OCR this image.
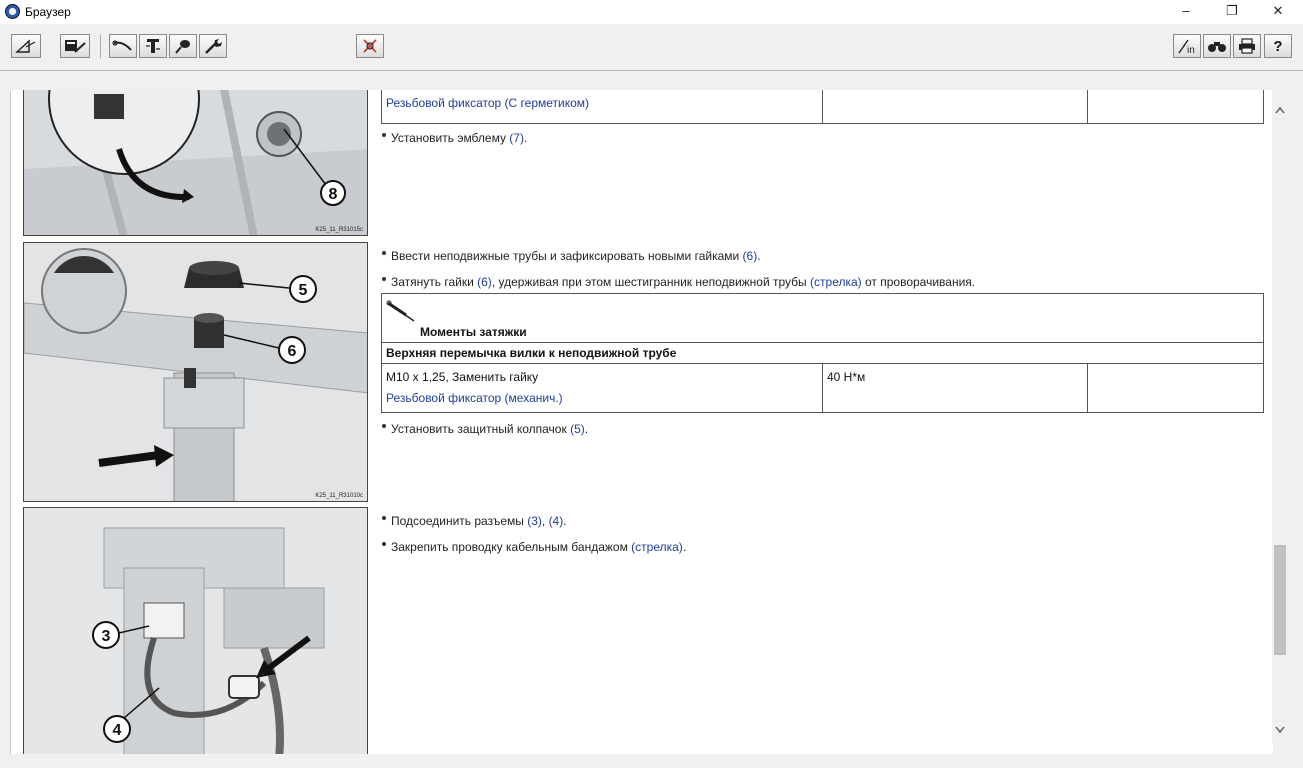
Браузер	–	❐	✕
in	?
Резьбовой фиксатор (С герметиком)		
8
K25_11_R31015c
Установить эмблему (7).
5
6
K25_11_R31010c
Ввести неподвижные трубы и зафиксировать новыми гайками (6).
Затянуть гайки (6), удерживая при этом шестигранник неподвижной трубы (стрелка) от проворачивания.
Моменты затяжки
Верхняя перемычка вилки к неподвижной трубе

M10 x 1,25, Заменить гайку
Резьбовой фиксатор (механич.)
	40 Н*м	
Установить защитный колпачок (5).
3
4
Подсоединить разъемы (3), (4).
Закрепить проводку кабельным бандажом (стрелка).
